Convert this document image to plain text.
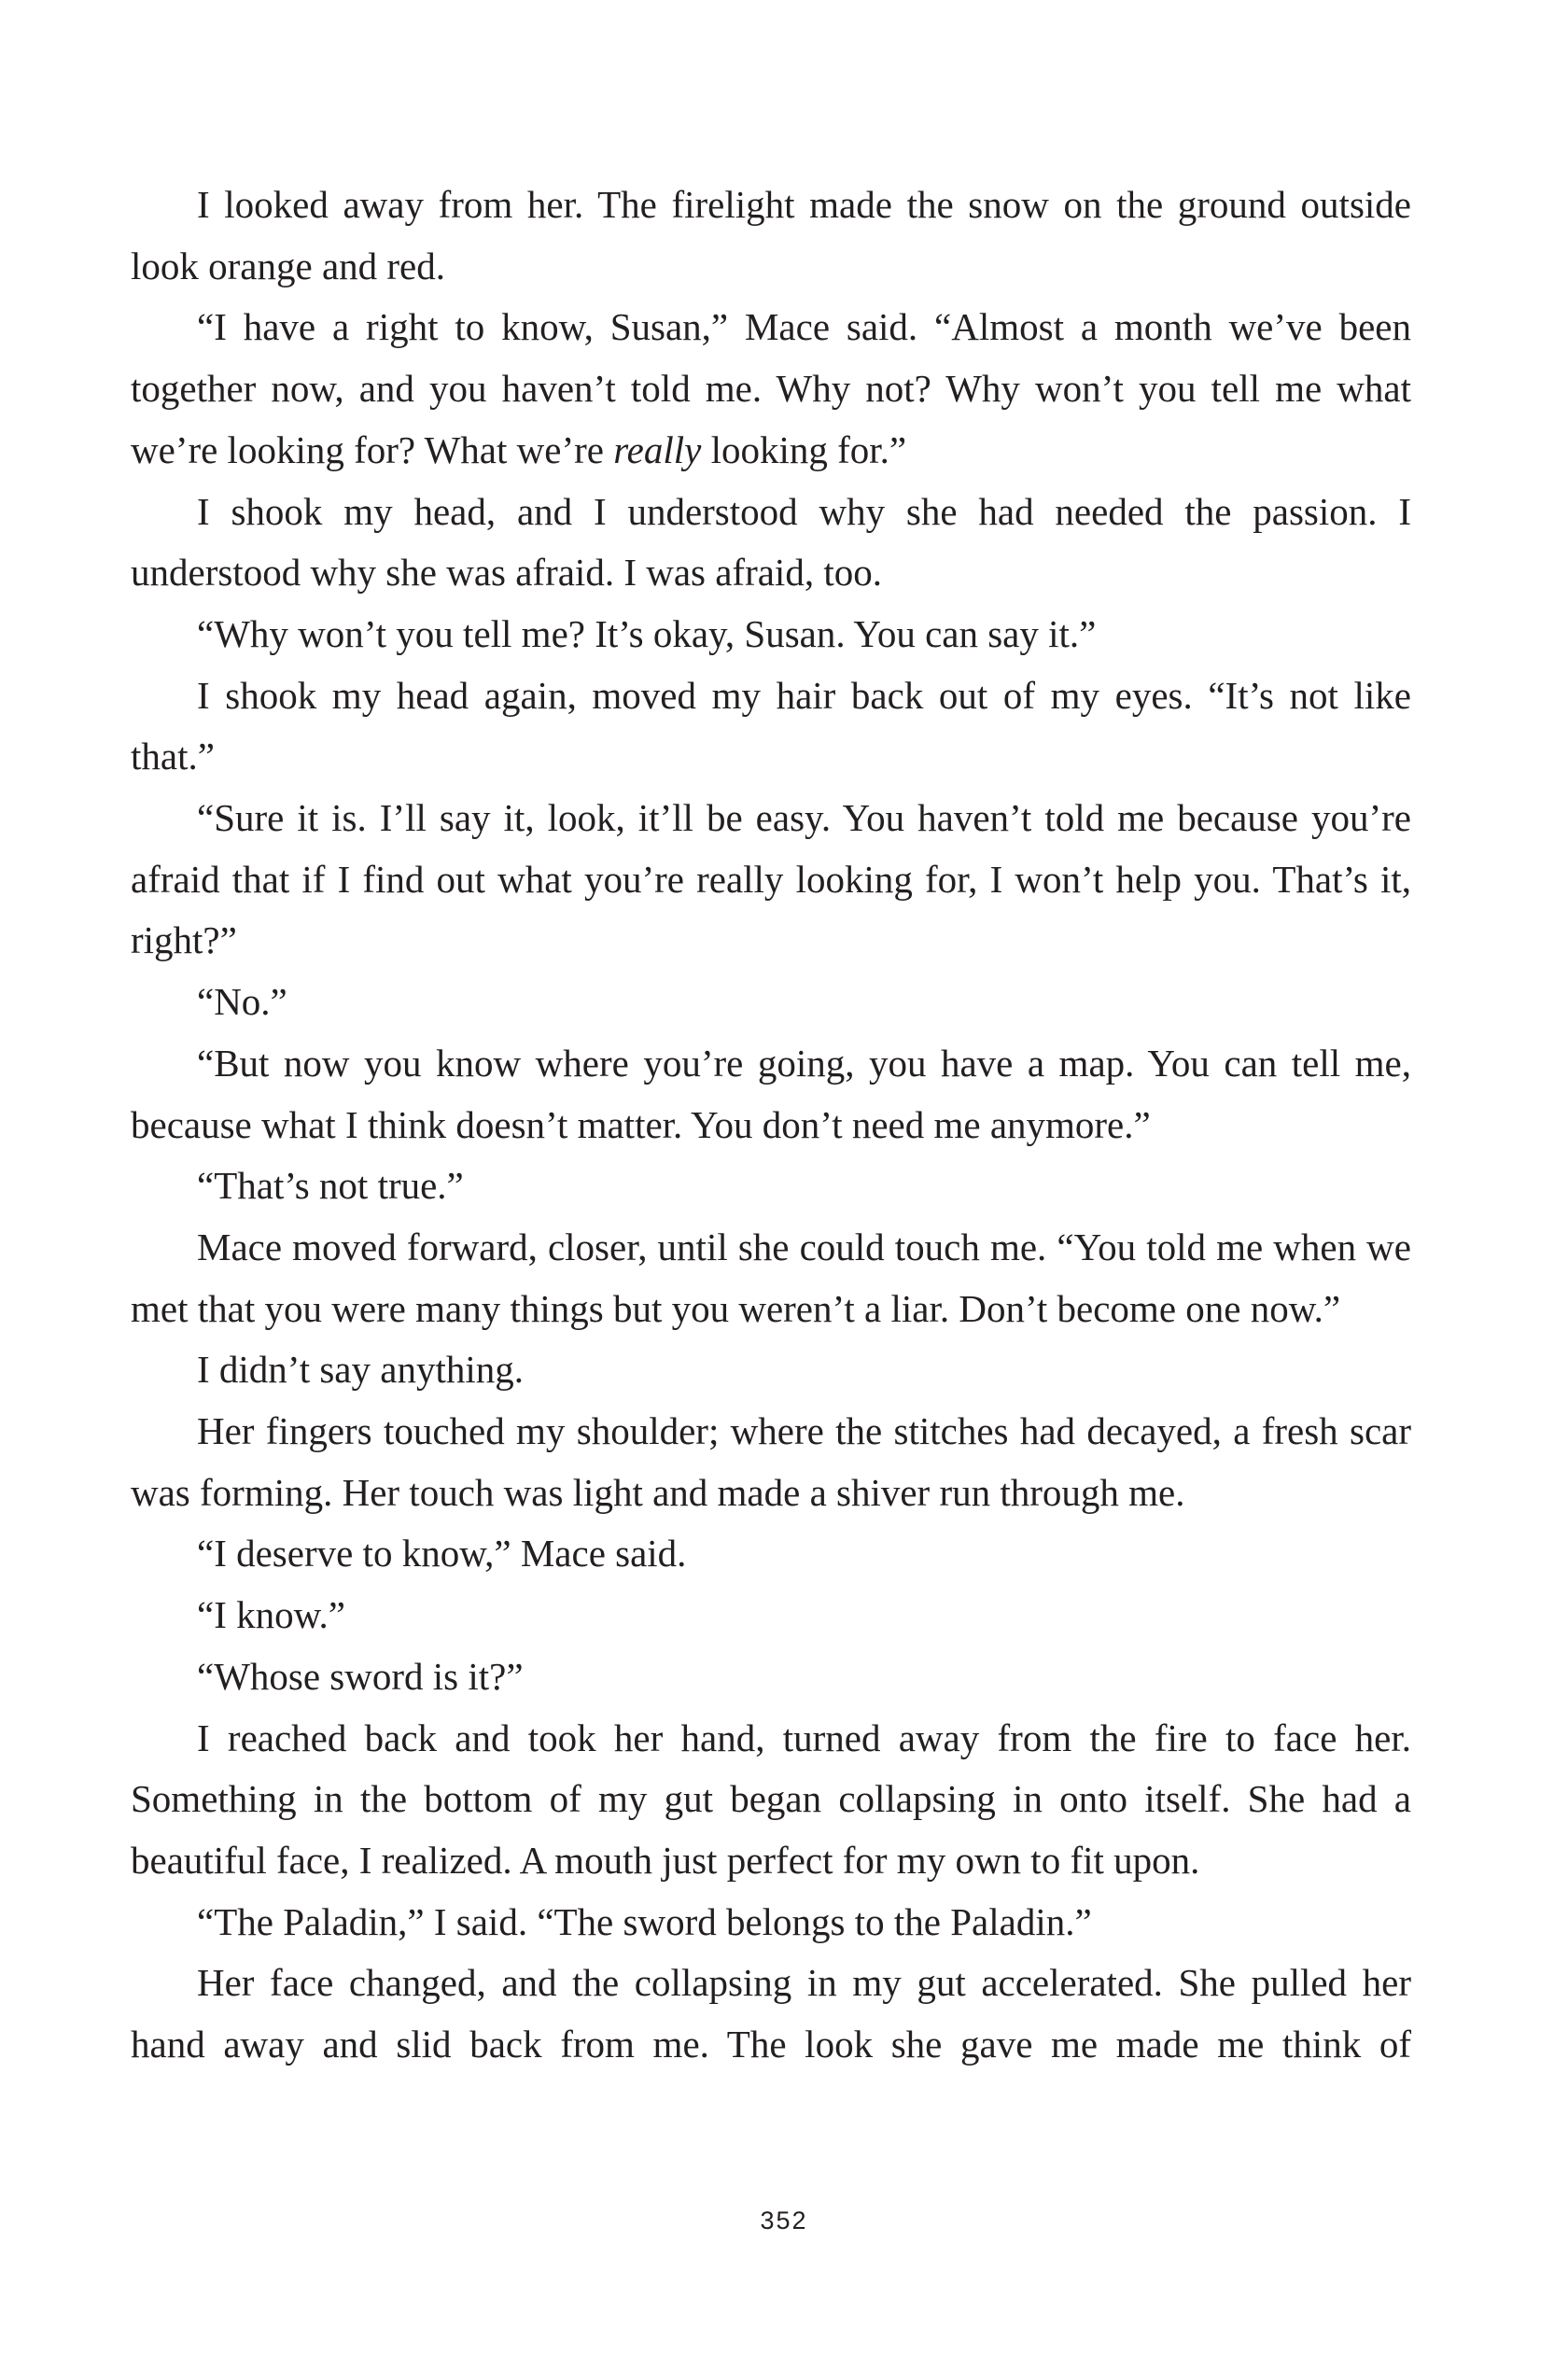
I looked away from her. The firelight made the snow on the ground outside look orange and red.

“I have a right to know, Susan,” Mace said. “Almost a month we’ve been together now, and you haven’t told me. Why not? Why won’t you tell me what we’re looking for? What we’re really looking for.”

I shook my head, and I understood why she had needed the passion. I understood why she was afraid. I was afraid, too.

“Why won’t you tell me? It’s okay, Susan. You can say it.”

I shook my head again, moved my hair back out of my eyes. “It’s not like that.”

“Sure it is. I’ll say it, look, it’ll be easy. You haven’t told me because you’re afraid that if I find out what you’re really looking for, I won’t help you. That’s it, right?”

“No.”

“But now you know where you’re going, you have a map. You can tell me, because what I think doesn’t matter. You don’t need me anymore.”

“That’s not true.”

Mace moved forward, closer, until she could touch me. “You told me when we met that you were many things but you weren’t a liar. Don’t become one now.”

I didn’t say anything.

Her fingers touched my shoulder; where the stitches had decayed, a fresh scar was forming. Her touch was light and made a shiver run through me.

“I deserve to know,” Mace said.

“I know.”

“Whose sword is it?”

I reached back and took her hand, turned away from the fire to face her. Something in the bottom of my gut began collapsing in onto itself. She had a beautiful face, I realized. A mouth just perfect for my own to fit upon.

“The Paladin,” I said. “The sword belongs to the Paladin.”

Her face changed, and the collapsing in my gut accelerated. She pulled her hand away and slid back from me. The look she gave me made me think of

352
